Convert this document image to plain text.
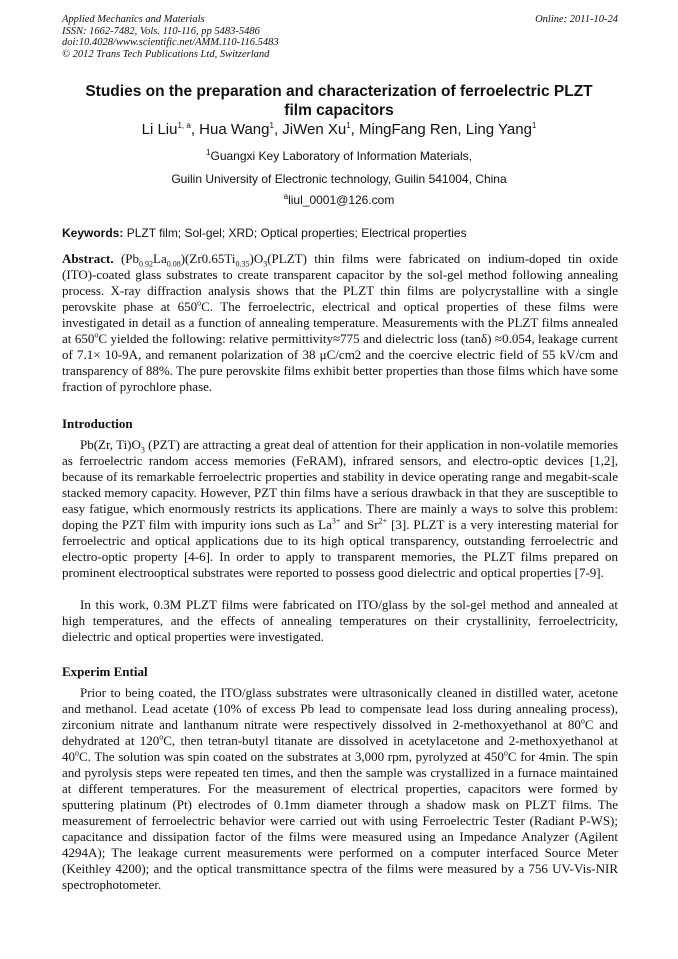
Applied Mechanics and Materials	Online: 2011-10-24
ISSN: 1662-7482, Vols. 110-116, pp 5483-5486
doi:10.4028/www.scientific.net/AMM.110-116.5483
© 2012 Trans Tech Publications Ltd, Switzerland
Studies on the preparation and characterization of ferroelectric PLZT
film capacitors
Li Liu$^{1, a}$, Hua Wang$^1$, JiWen Xu$^1$, MingFang Ren, Ling Yang$^1$
$^1$Guangxi Key Laboratory of Information Materials,
Guilin University of Electronic technology, Guilin 541004, China
$^a$liul_0001@126.com
Keywords: PLZT film; Sol-gel; XRD; Optical properties; Electrical properties
Abstract. $(Pb_{0.92}La_{0.08})(Zr0.65Ti_{0.35})O_3(PLZT)$ thin films were fabricated on indium-doped tin oxide (ITO)-coated glass substrates to create transparent capacitor by the sol-gel method following annealing process. X-ray diffraction analysis shows that the PLZT thin films are polycrystalline with a single perovskite phase at 650$^o$C. The ferroelectric, electrical and optical properties of these films were investigated in detail as a function of annealing temperature. Measurements with the PLZT films annealed at 650$^o$C yielded the following: relative permittivity≈775 and dielectric loss (tanδ) ≈0.054, leakage current of 7.1× 10-9A, and remanent polarization of 38 μC/cm2 and the coercive electric field of 55 kV/cm and transparency of 88%. The pure perovskite films exhibit better properties than those films which have some fraction of pyrochlore phase.
Introduction
Pb(Zr, $Ti)O_3$ (PZT) are attracting a great deal of attention for their application in non-volatile memories as ferroelectric random access memories (FeRAM), infrared sensors, and electro-optic devices [1,2], because of its remarkable ferroelectric properties and stability in device operating range and megabit-scale stacked memory capacity. However, PZT thin films have a serious drawback in that they are susceptible to easy fatigue, which enormously restricts its applications. There are mainly a ways to solve this problem: doping the PZT film with impurity ions such as $La^{3+}$ and $Sr^{2+}$ [3]. PLZT is a very interesting material for ferroelectric and optical applications due to its high optical transparency, outstanding ferroelectric and electro-optic property [4-6]. In order to apply to transparent memories, the PLZT films prepared on prominent electrooptical substrates were reported to possess good dielectric and optical properties [7-9].
In this work, 0.3M PLZT films were fabricated on ITO/glass by the sol-gel method and annealed at high temperatures, and the effects of annealing temperatures on their crystallinity, ferroelectricity, dielectric and optical properties were investigated.
Experim Ential
Prior to being coated, the ITO/glass substrates were ultrasonically cleaned in distilled water, acetone and methanol. Lead acetate (10% of excess Pb lead to compensate lead loss during annealing process), zirconium nitrate and lanthanum nitrate were respectively dissolved in 2-methoxyethanol at 80$^o$C and dehydrated at 120$^o$C, then tetran-butyl titanate are dissolved in acetylacetone and 2-methoxyethanol at 40$^o$C. The solution was spin coated on the substrates at 3,000 rpm, pyrolyzed at 450$^o$C for 4min. The spin and pyrolysis steps were repeated ten times, and then the sample was crystallized in a furnace maintained at different temperatures. For the measurement of electrical properties, capacitors were formed by sputtering platinum (Pt) electrodes of 0.1mm diameter through a shadow mask on PLZT films. The measurement of ferroelectric behavior were carried out with using Ferroelectric Tester (Radiant P-WS); capacitance and dissipation factor of the films were measured using an Impedance Analyzer (Agilent 4294A); The leakage current measurements were performed on a computer interfaced Source Meter (Keithley 4200); and the optical transmittance spectra of the films were measured by a 756 UV-Vis-NIR spectrophotometer.
